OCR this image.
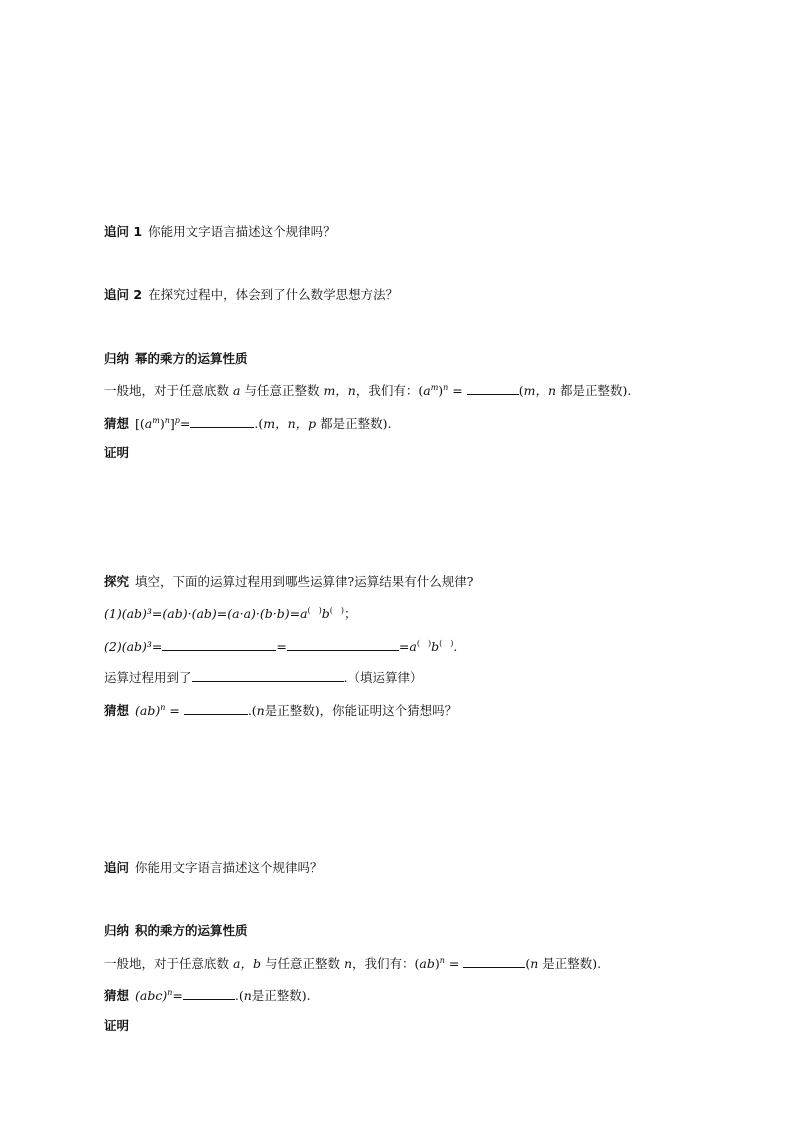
追问 1 你能用文字语言描述这个规律吗？
追问 2 在探究过程中，体会到了什么数学思想方法？
归纳 幂的乘方的运算性质
一般地，对于任意底数 a 与任意正整数 m，n，我们有：$(a^m)^n$ =	(m，n 都是正整数).
猜想 $[(a^m)^n]^p=$	.(m，n，p 都是正整数).
证明
探究 填空，下面的运算过程用到哪些运算律?运算结果有什么规律?
(1)(ab)³=(ab)·(ab)=(a·a)·(b·b)=a(　)b(　)；
(2)(ab)³=	=	=a(　)b(　).
运算过程用到了	.（填运算律）
猜想 (ab)$^n$ =	.(n是正整数)，你能证明这个猜想吗？
追问 你能用文字语言描述这个规律吗？
归纳 积的乘方的运算性质
一般地，对于任意底数 a，b 与任意正整数 n，我们有：(ab)$^n$ =	(n 是正整数).
猜想 (abc)$^n$=	.(n是正整数).
证明
